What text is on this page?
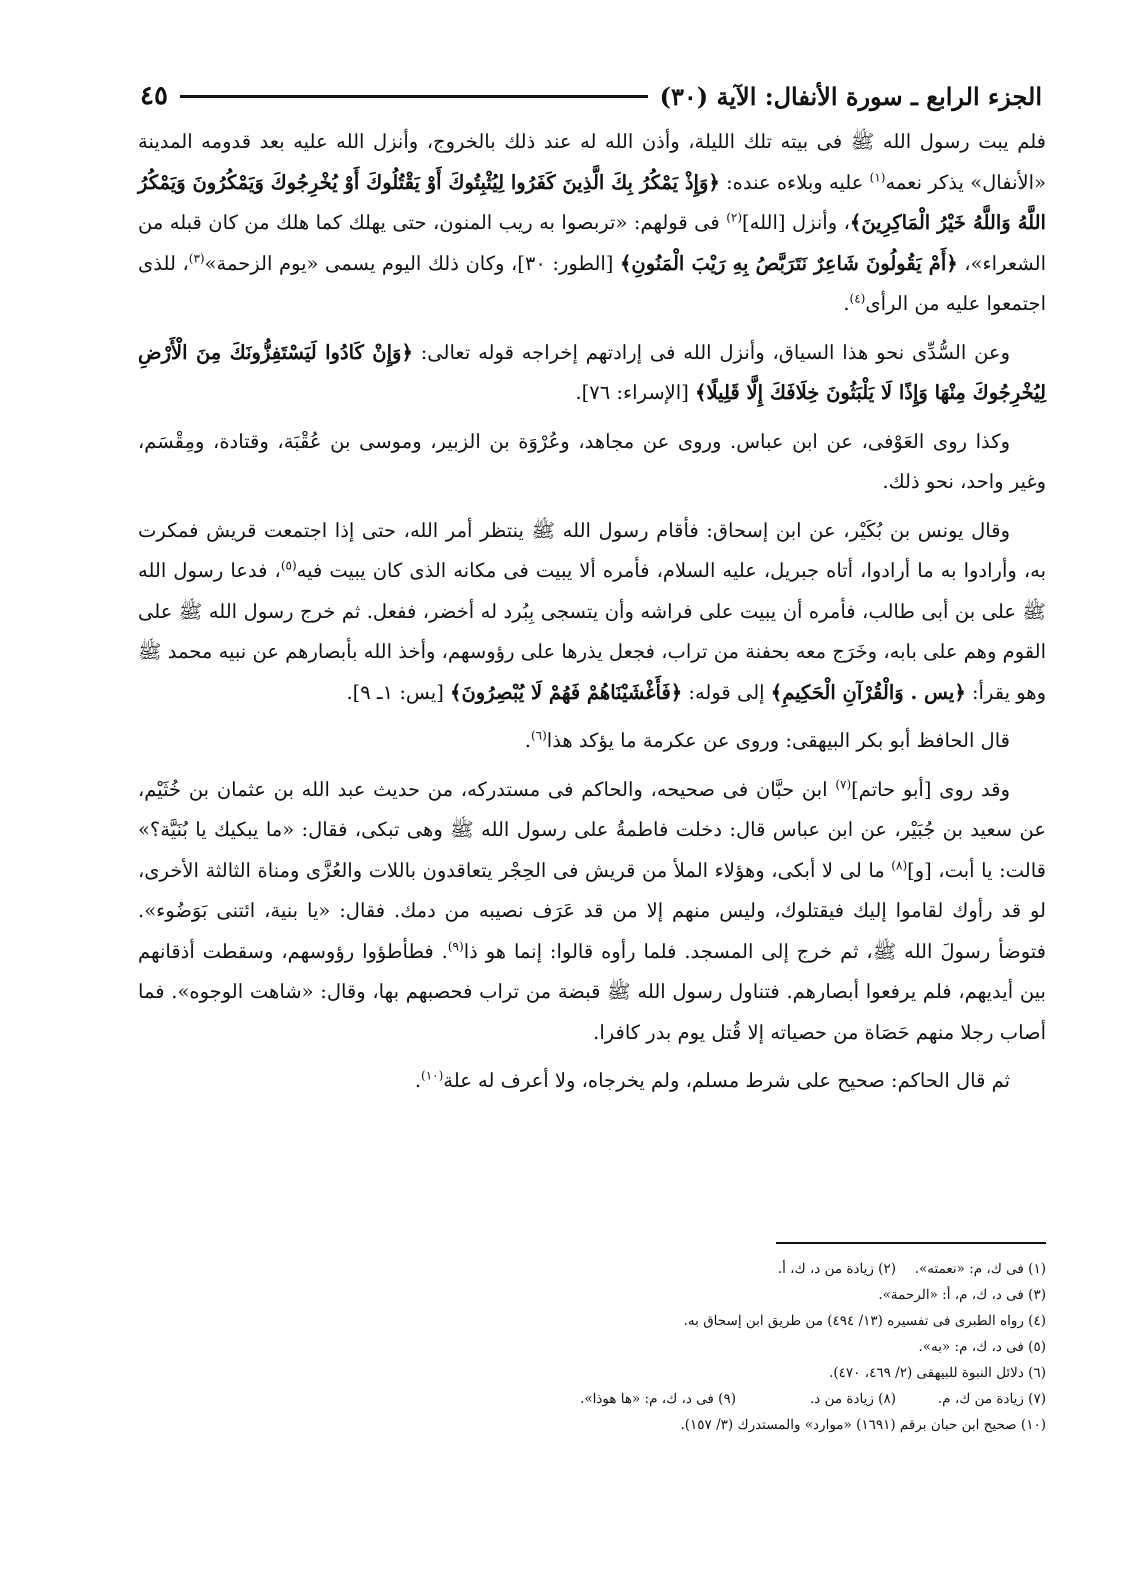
الجزء الرابع ـ سورة الأنفال: الآية (٣٠)
٤٥

فلم يبت رسول الله ﷺ فى بيته تلك الليلة، وأذن الله له عند ذلك بالخروج، وأنزل الله عليه بعد قدومه المدينة «الأنفال» يذكر نعمه$^{(١)}$ عليه وبلاءه عنده: ﴿وَإِذْ يَمْكُرُ بِكَ الَّذِينَ كَفَرُوا لِيُثْبِتُوكَ أَوْ يَقْتُلُوكَ أَوْ يُخْرِجُوكَ وَيَمْكُرُونَ وَيَمْكُرُ اللَّهُ وَاللَّهُ خَيْرُ الْمَاكِرِينَ﴾، وأنزل [الله]$^{(٢)}$ فى قولهم: «تربصوا به ريب المنون، حتى يهلك كما هلك من كان قبله من الشعراء»، ﴿أَمْ يَقُولُونَ شَاعِرٌ نَتَرَبَّصُ بِهِ رَيْبَ الْمَنُونِ﴾ [الطور: ٣٠]، وكان ذلك اليوم يسمى «يوم الزحمة»$^{(٣)}$، للذى اجتمعوا عليه من الرأى$^{(٤)}$.

وعن السُّدِّى نحو هذا السياق، وأنزل الله فى إرادتهم إخراجه قوله تعالى: ﴿وَإِنْ كَادُوا لَيَسْتَفِزُّونَكَ مِنَ الْأَرْضِ لِيُخْرِجُوكَ مِنْهَا وَإِذًا لَا يَلْبَثُونَ خِلَافَكَ إِلَّا قَلِيلًا﴾ [الإسراء: ٧٦].

وكذا روى العَوْفى، عن ابن عباس. وروى عن مجاهد، وعُرْوَة بن الزبير، وموسى بن عُقْبَة، وقتادة، ومِقْسَم، وغير واحد، نحو ذلك.

وقال يونس بن بُكَيْر، عن ابن إسحاق: فأقام رسول الله ﷺ ينتظر أمر الله، حتى إذا اجتمعت قريش فمكرت به، وأرادوا به ما أرادوا، أتاه جبريل، عليه السلام، فأمره ألا يبيت فى مكانه الذى كان يبيت فيه$^{(٥)}$، فدعا رسول الله ﷺ على بن أبى طالب، فأمره أن يبيت على فراشه وأن يتسجى بِبُرد له أخضر، ففعل. ثم خرج رسول الله ﷺ على القوم وهم على بابه، وخَرَج معه بحفنة من تراب، فجعل يذرها على رؤوسهم، وأخذ الله بأبصارهم عن نبيه محمد ﷺ وهو يقرأ: ﴿يس . وَالْقُرْآنِ الْحَكِيمِ﴾ إلى قوله: ﴿فَأَغْشَيْنَاهُمْ فَهُمْ لَا يُبْصِرُونَ﴾ [يس: ١ـ ٩].

قال الحافظ أبو بكر البيهقى: وروى عن عكرمة ما يؤكد هذا$^{(٦)}$.

وقد روى [أبو حاتم]$^{(٧)}$ ابن حبَّان فى صحيحه، والحاكم فى مستدركه، من حديث عبد الله بن عثمان بن خُثَيْم، عن سعيد بن جُبَيْر، عن ابن عباس قال: دخلت فاطمةُ على رسول الله ﷺ وهى تبكى، فقال: «ما يبكيك يا بُنَيَّة؟» قالت: يا أبت، [و]$^{(٨)}$ ما لى لا أبكى، وهؤلاء الملأ من قريش فى الحِجْر يتعاقدون باللات والعُزَّى ومناة الثالثة الأخرى، لو قد رأوك لقاموا إليك فيقتلوك، وليس منهم إلا من قد عَرَف نصيبه من دمك. فقال: «يا بنية، ائتنى بَوَضُوء». فتوضأ رسولَ الله ﷺ، ثم خرج إلى المسجد. فلما رأوه قالوا: إنما هو ذا$^{(٩)}$. فطأطؤوا رؤوسهم، وسقطت أذقانهم بين أيديهم، فلم يرفعوا أبصارهم. فتناول رسول الله ﷺ قبضة من تراب فحصبهم بها، وقال: «شاهت الوجوه». فما أصاب رجلا منهم حَصَاة من حصياته إلا قُتل يوم بدر كافرا.

ثم قال الحاكم: صحيح على شرط مسلم، ولم يخرجاه، ولا أعرف له علة$^{(١٠)}$.

(١) فى ك، م: «نعمته».
(٢) زيادة من د، ك، أ.
(٣) فى د، ك، م، أ: «الرحمة».
(٤) رواه الطبرى فى تفسيره (١٣/ ٤٩٤) من طريق ابن إسحاق به.
(٥) فى د، ك، م: «به».
(٦) دلائل النبوة للبيهقى (٢/ ٤٦٩، ٤٧٠).
(٧) زيادة من ك، م.
(٨) زيادة من د.
(٩) فى د، ك، م: «ها هوذا».
(١٠) صحيح ابن حبان برقم (١٦٩١) «موارد» والمستدرك (٣/ ١٥٧).
